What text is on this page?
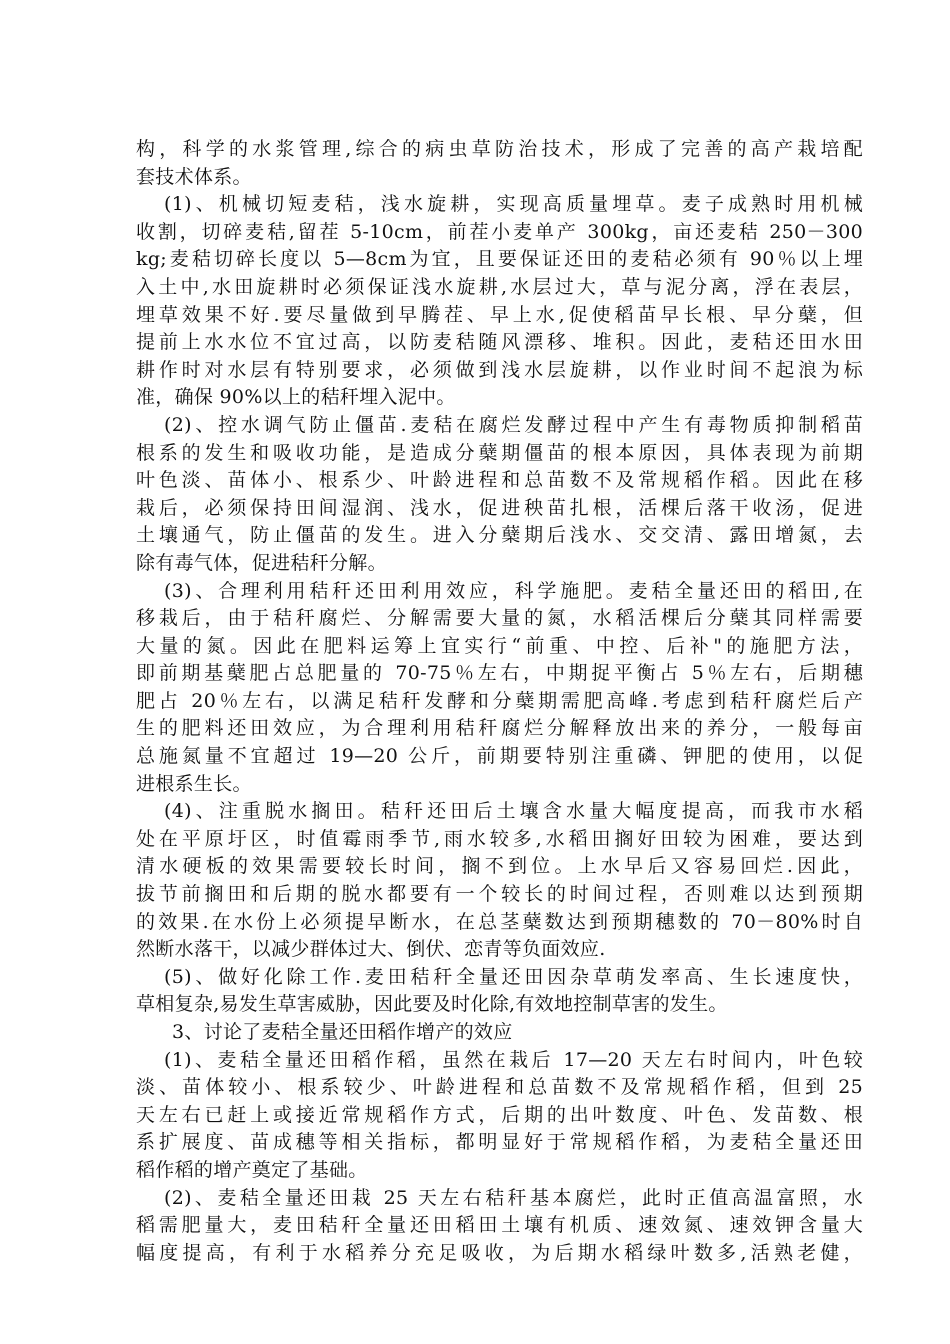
构，科学的水浆管理,综合的病虫草防治技术，形成了完善的高产栽培配
套技术体系。
(1)、机械切短麦秸，浅水旋耕，实现高质量埋草。麦子成熟时用机械
收割，切碎麦秸,留茬 5-10cm，前茬小麦单产 300kg，亩还麦秸 250－300
kg;麦秸切碎长度以 5—8cm为宜，且要保证还田的麦秸必须有 90％以上埋
入土中,水田旋耕时必须保证浅水旋耕,水层过大，草与泥分离，浮在表层，
埋草效果不好.要尽量做到早腾茬、早上水,促使稻苗早长根、早分蘖，但
提前上水水位不宜过高，以防麦秸随风漂移、堆积。因此，麦秸还田水田
耕作时对水层有特别要求，必须做到浅水层旋耕，以作业时间不起浪为标
准，确保 90%以上的秸秆埋入泥中。
(2)、控水调气防止僵苗.麦秸在腐烂发酵过程中产生有毒物质抑制稻苗
根系的发生和吸收功能，是造成分蘖期僵苗的根本原因，具体表现为前期
叶色淡、苗体小、根系少、叶龄进程和总苗数不及常规稻作稻。因此在移
栽后，必须保持田间湿润、浅水，促进秧苗扎根，活棵后落干收汤，促进
土壤通气，防止僵苗的发生。进入分蘖期后浅水、交交清、露田增氮，去
除有毒气体，促进秸秆分解。
(3)、合理利用秸秆还田利用效应，科学施肥。麦秸全量还田的稻田,在
移栽后，由于秸秆腐烂、分解需要大量的氮，水稻活棵后分蘖其同样需要
大量的氮。因此在肥料运筹上宜实行“前重、中控、后补"的施肥方法，
即前期基蘖肥占总肥量的 70-75％左右，中期捉平衡占 5％左右，后期穗
肥占 20％左右，以满足秸秆发酵和分蘖期需肥高峰.考虑到秸秆腐烂后产
生的肥料还田效应，为合理利用秸秆腐烂分解释放出来的养分，一般每亩
总施氮量不宜超过 19—20 公斤，前期要特别注重磷、钾肥的使用，以促
进根系生长。
(4)、注重脱水搁田。秸秆还田后土壤含水量大幅度提高，而我市水稻
处在平原圩区，时值霉雨季节,雨水较多,水稻田搁好田较为困难，要达到
清水硬板的效果需要较长时间，搁不到位。上水早后又容易回烂.因此，
拔节前搁田和后期的脱水都要有一个较长的时间过程，否则难以达到预期
的效果.在水份上必须提早断水，在总茎蘖数达到预期穗数的 70－80%时自
然断水落干，以减少群体过大、倒伏、恋青等负面效应.
(5)、做好化除工作.麦田秸秆全量还田因杂草萌发率高、生长速度快，
草相复杂,易发生草害威胁，因此要及时化除,有效地控制草害的发生。
3、讨论了麦秸全量还田稻作增产的效应
(1)、麦秸全量还田稻作稻，虽然在栽后 17—20 天左右时间内，叶色较
淡、苗体较小、根系较少、叶龄进程和总苗数不及常规稻作稻，但到 25
天左右已赶上或接近常规稻作方式，后期的出叶数度、叶色、发苗数、根
系扩展度、苗成穗等相关指标，都明显好于常规稻作稻，为麦秸全量还田
稻作稻的增产奠定了基础。
(2)、麦秸全量还田栽 25 天左右秸秆基本腐烂，此时正值高温富照，水
稻需肥量大，麦田秸秆全量还田稻田土壤有机质、速效氮、速效钾含量大
幅度提高，有利于水稻养分充足吸收，为后期水稻绿叶数多,活熟老健，
